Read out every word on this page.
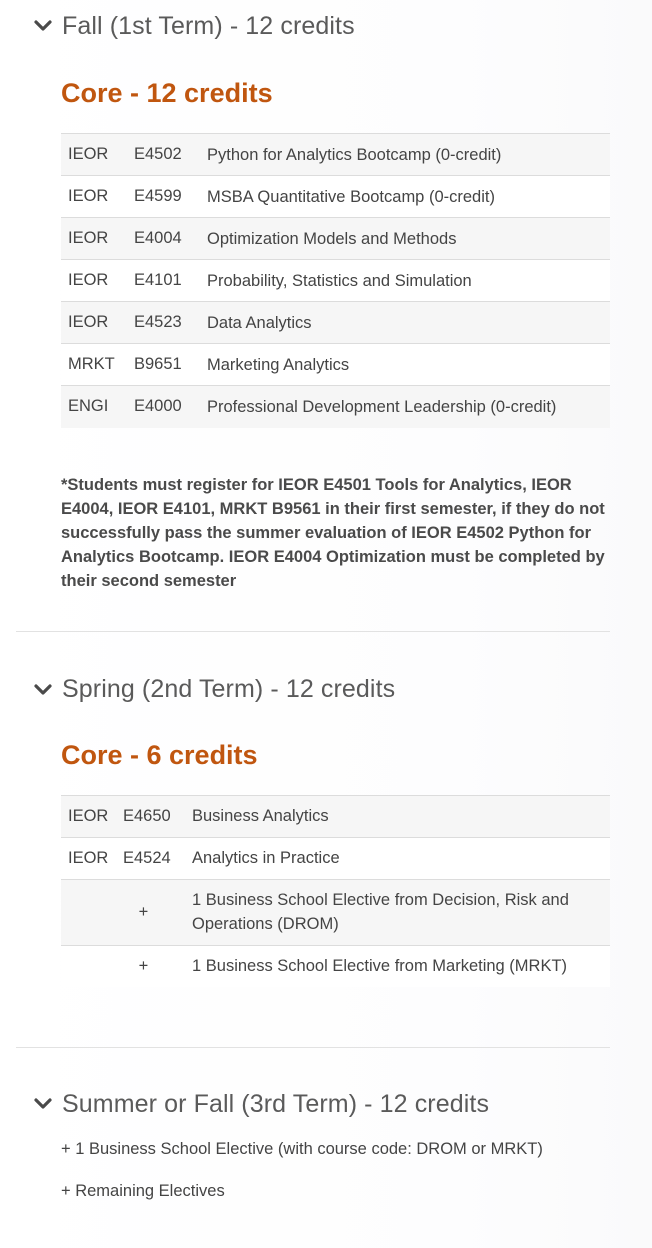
Fall (1st Term) - 12 credits
Core - 12 credits
IEOR	E4502	Python for Analytics Bootcamp (0-credit)
IEOR	E4599	MSBA Quantitative Bootcamp (0-credit)
IEOR	E4004	Optimization Models and Methods
IEOR	E4101	Probability, Statistics and Simulation
IEOR	E4523	Data Analytics
MRKT	B9651	Marketing Analytics
ENGI	E4000	Professional Development Leadership (0-credit)

*Students must register for IEOR E4501 Tools for Analytics, IEOR E4004, IEOR E4101, MRKT B9561 in their first semester, if they do not successfully pass the summer evaluation of IEOR E4502 Python for Analytics Bootcamp. IEOR E4004 Optimization must be completed by their second semester

Spring (2nd Term) - 12 credits
Core - 6 credits
IEOR	E4650	Business Analytics
IEOR	E4524	Analytics in Practice
	+	1 Business School Elective from Decision, Risk and Operations (DROM)
	+	1 Business School Elective from Marketing (MRKT)
Summer or Fall (3rd Term) - 12 credits

+ 1 Business School Elective (with course code: DROM or MRKT)

+ Remaining Electives
